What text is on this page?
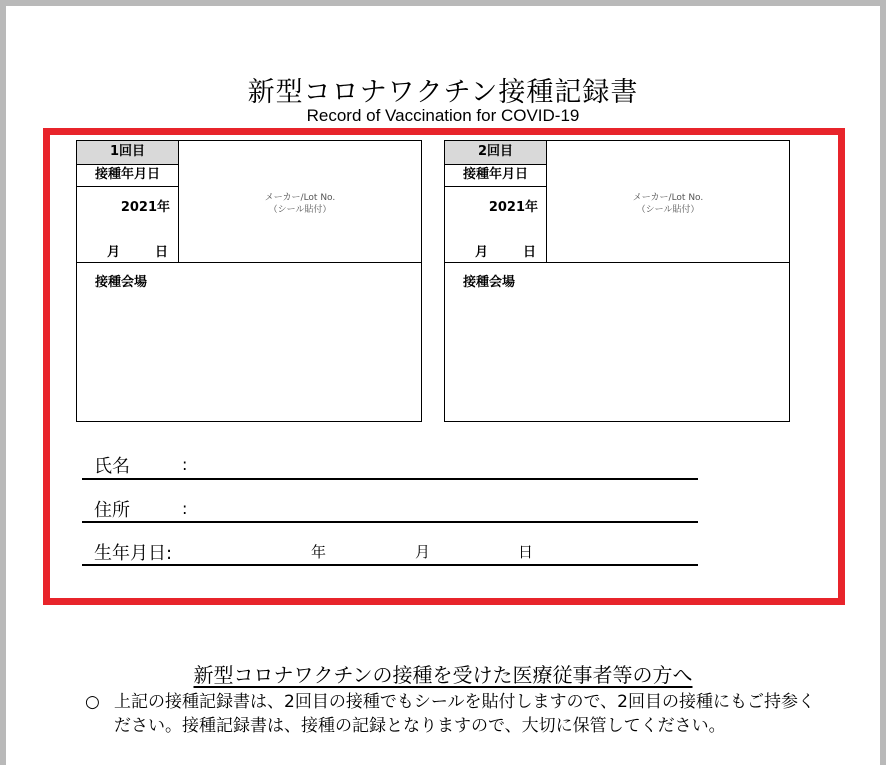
新型コロナワクチン接種記録書
Record of Vaccination for COVID-19
1回目
接種年月日
2021年
月	日
メーカー/Lot No.
（シール貼付）
接種会場
2回目
接種年月日
2021年
月	日
メーカー/Lot No.
（シール貼付）
接種会場
氏名	:
住所	:
生年月日:	年	月	日
新型コロナワクチンの接種を受けた医療従事者等の方へ
○ 上記の接種記録書は、2回目の接種でもシールを貼付しますので、2回目の接種にもご持参ください。接種記録書は、接種の記録となりますので、大切に保管してください。
